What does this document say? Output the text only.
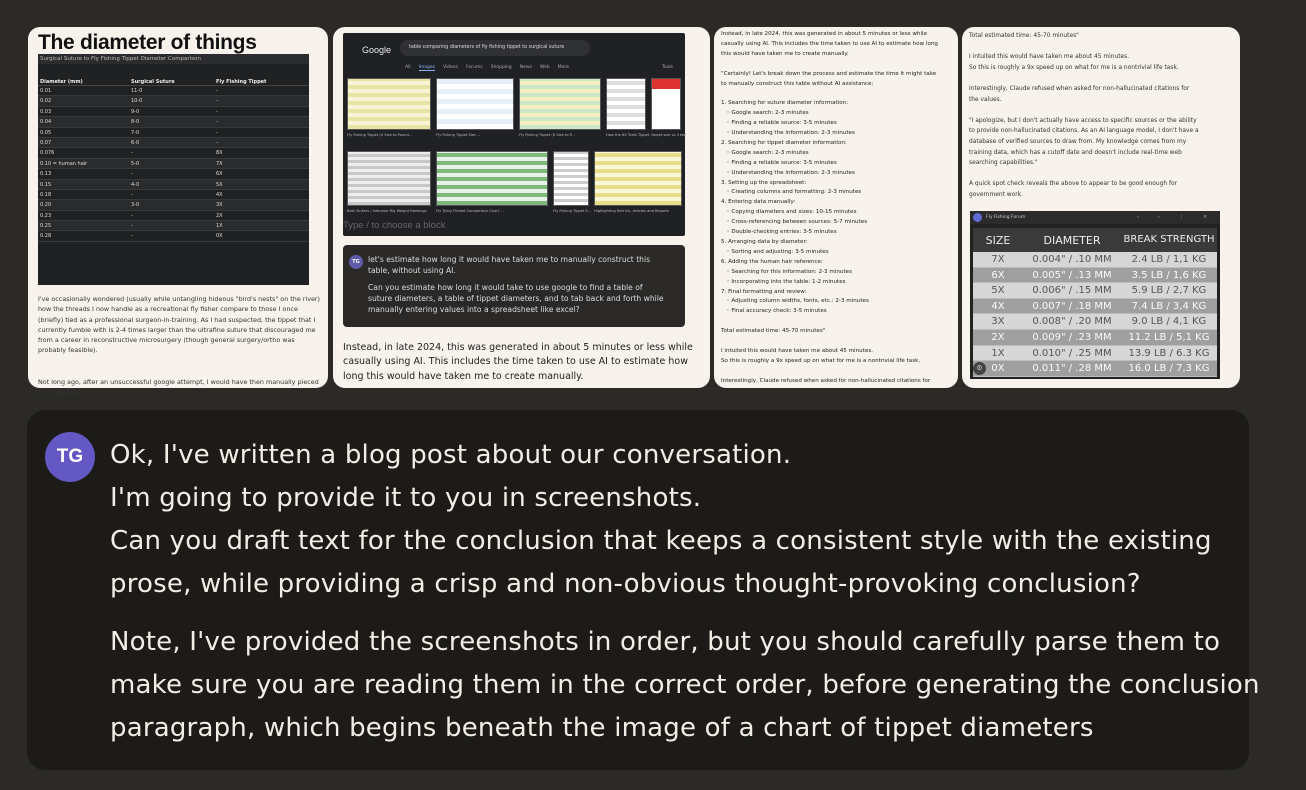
The diameter of things
Surgical Suture to Fly Fishing Tippet Diameter Comparison
Diameter (mm)	Surgical Suture	Fly Fishing Tippet
0.01	11-0	-
0.02	10-0	-
0.03	9-0	-
0.04	8-0	-
0.05	7-0	-
0.07	6-0	-
0.076	-	8X
0.10 = human hair	5-0	7X
0.13	-	6X
0.15	4-0	5X
0.18	-	4X
0.20	3-0	3X
0.23	-	2X
0.25	-	1X
0.28	-	0X
I've occasionally wondered (usually while untangling hideous "bird's nests" on the river) how the threads I now handle as a recreational fly fisher compare to those I once (briefly) tied as a professional surgeon-in-training. As I had suspected, the tippet that I currently fumble with is 2-4 times larger than the ultrafine suture that discouraged me from a career in reconstructive microsurgery (though general surgery/ortho was probably feasible).
Not long ago, after an unsuccessful google attempt, I would have then manually pieced this together.
Google	table comparing diameters of fly fishing tippet to surgical suture
All Images Videos Forums Shopping News Web More	Tools
Fly Fishing Tippet (X Size to Pound...	Fly Fishing Tippet Size ...	Fly Fishing Tippet (X Size to P...	How the 6X Tests Tippet ...
Tippet size vs li test
Best Sinkers / Indicator Rig Weight Rankings	Fly Tying Thread Comparison Chart ...	Fly Fishing Tippet S... Highlighting Red Ink, Articles and Reports
Type / to choose a block
TG	let's estimate how long it would have taken me to manually construct this table, without using AI.
Can you estimate how long it would take to use google to find a table of suture diameters, a table of tippet diameters, and to tab back and forth while manually entering values into a spreadsheet like excel?
Instead, in late 2024, this was generated in about 5 minutes or less while casually using AI. This includes the time taken to use AI to estimate how long this would have taken me to create manually.
Instead, in late 2024, this was generated in about 5 minutes or less while
casually using AI. This includes the time taken to use AI to estimate how long
this would have taken me to create manually.
"Certainly! Let's break down the process and estimate the time it might take
to manually construct this table without AI assistance:
1. Searching for suture diameter information:
◦ Google search: 2-3 minutes
◦ Finding a reliable source: 3-5 minutes
◦ Understanding the information: 2-3 minutes
2. Searching for tippet diameter information:
◦ Google search: 2-3 minutes
◦ Finding a reliable source: 3-5 minutes
◦ Understanding the information: 2-3 minutes
3. Setting up the spreadsheet:
◦ Creating columns and formatting: 2-3 minutes
4. Entering data manually:
◦ Copying diameters and sizes: 10-15 minutes
◦ Cross-referencing between sources: 5-7 minutes
◦ Double-checking entries: 3-5 minutes
5. Arranging data by diameter:
◦ Sorting and adjusting: 3-5 minutes
6. Adding the human hair reference:
◦ Searching for this information: 2-3 minutes
◦ Incorporating into the table: 1-2 minutes
7. Final formatting and review:
◦ Adjusting column widths, fonts, etc.: 2-3 minutes
◦ Final accuracy check: 3-5 minutes
Total estimated time: 45-70 minutes"
I intuited this would have taken me about 45 minutes.
So this is roughly a 9x speed up on what for me is a nontrivial life task.
Interestingly, Claude refused when asked for non-hallucinated citations for
Total estimated time: 45-70 minutes"
I intuited this would have taken me about 45 minutes.
So this is roughly a 9x speed up on what for me is a nontrivial life task.
Interestingly, Claude refused when asked for non-hallucinated citations for
the values.
"I apologize, but I don't actually have access to specific sources or the ability
to provide non-hallucinated citations. As an AI language model, I don't have a
database of verified sources to draw from. My knowledge comes from my
training data, which has a cutoff date and doesn't include real-time web
searching capabilities."
A quick spot check reveals the above to appear to be good enough for
government work.
Fly Fishing Forum	‹ › ⋮ ✕
SIZE	DIAMETER	BREAK STRENGTH
7X	0.004" / .10 MM	2.4 LB / 1,1 KG
6X	0.005" / .13 MM	3.5 LB / 1,6 KG
5X	0.006" / .15 MM	5.9 LB / 2,7 KG
4X	0.007" / .18 MM	7.4 LB / 3,4 KG
3X	0.008" / .20 MM	9.0 LB / 4,1 KG
2X	0.009" / .23 MM	11.2 LB / 5,1 KG
1X	0.010" / .25 MM	13.9 LB / 6.3 KG
0X	0.011" / .28 MM	16.0 LB / 7,3 KG
⚙
TG	Ok, I've written a blog post about our conversation.
I'm going to provide it to you in screenshots.
Can you draft text for the conclusion that keeps a consistent style with the existing
prose, while providing a crisp and non-obvious thought-provoking conclusion?
Note, I've provided the screenshots in order, but you should carefully parse them to
make sure you are reading them in the correct order, before generating the conclusion
paragraph, which begins beneath the image of a chart of tippet diameters
